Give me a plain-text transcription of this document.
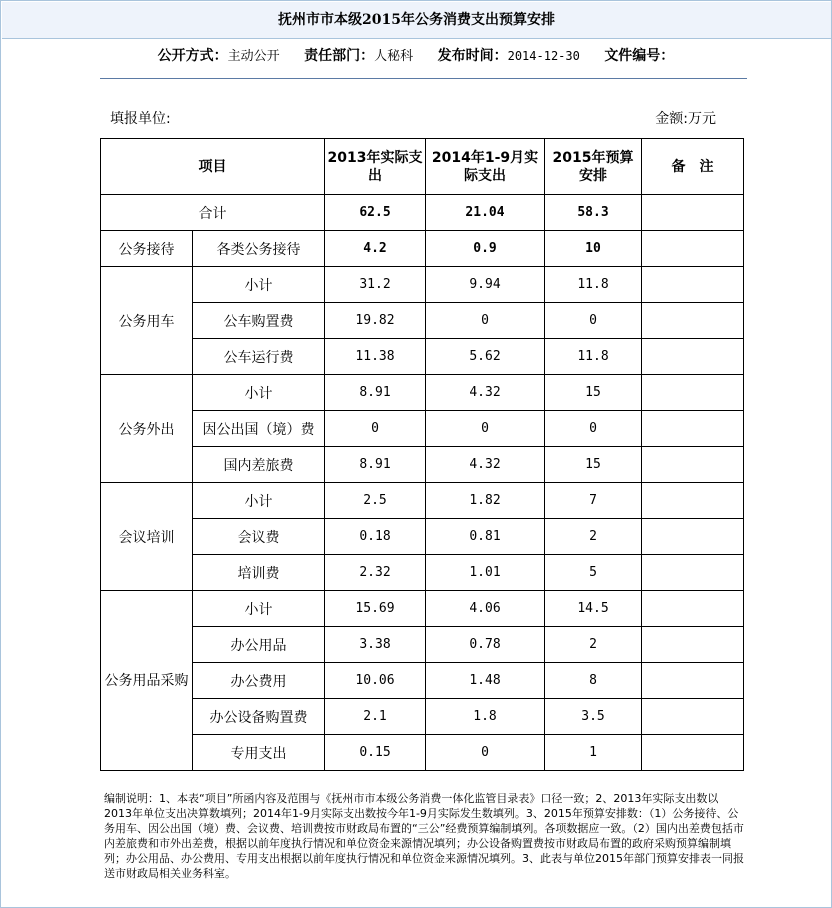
抚州市市本级2015年公务消费支出预算安排
公开方式：主动公开 责任部门：人秘科 发布时间：2014-12-30 文件编号：
填报单位:	金额:万元
项目		2013年实际支出	2014年1-9月实际支出	2015年预算安排	备　注
合计		62.5	21.04	58.3	
公务接待	各类公务接待	4.2	0.9	10	
公务用车	小计	31.2	9.94	11.8	
	公车购置费	19.82	0	0	
	公车运行费	11.38	5.62	11.8	
公务外出	小计	8.91	4.32	15	
	因公出国（境）费	0	0	0	
	国内差旅费	8.91	4.32	15	
会议培训	小计	2.5	1.82	7	
	会议费	0.18	0.81	2	
	培训费	2.32	1.01	5	
公务用品采购	小计	15.69	4.06	14.5	
	办公用品	3.38	0.78	2	
	办公费用	10.06	1.48	8	
	办公设备购置费	2.1	1.8	3.5	
	专用支出	0.15	0	1	
编制说明：1、本表“项目”所函内容及范围与《抚州市市本级公务消费一体化监管目录表》口径一致；2、2013年实际支出数以2013年单位支出决算数填列；2014年1-9月实际支出数按今年1-9月实际发生数填列。3、2015年预算安排数：（1）公务接待、公务用车、因公出国（境）费、会议费、培训费按市财政局布置的“三公”经费预算编制填列。各项数据应一致。（2）国内出差费包括市内差旅费和市外出差费，根据以前年度执行情况和单位资金来源情况填列；办公设备购置费按市财政局布置的政府采购预算编制填列；办公用品、办公费用、专用支出根据以前年度执行情况和单位资金来源情况填列。3、此表与单位2015年部门预算安排表一同报送市财政局相关业务科室。
